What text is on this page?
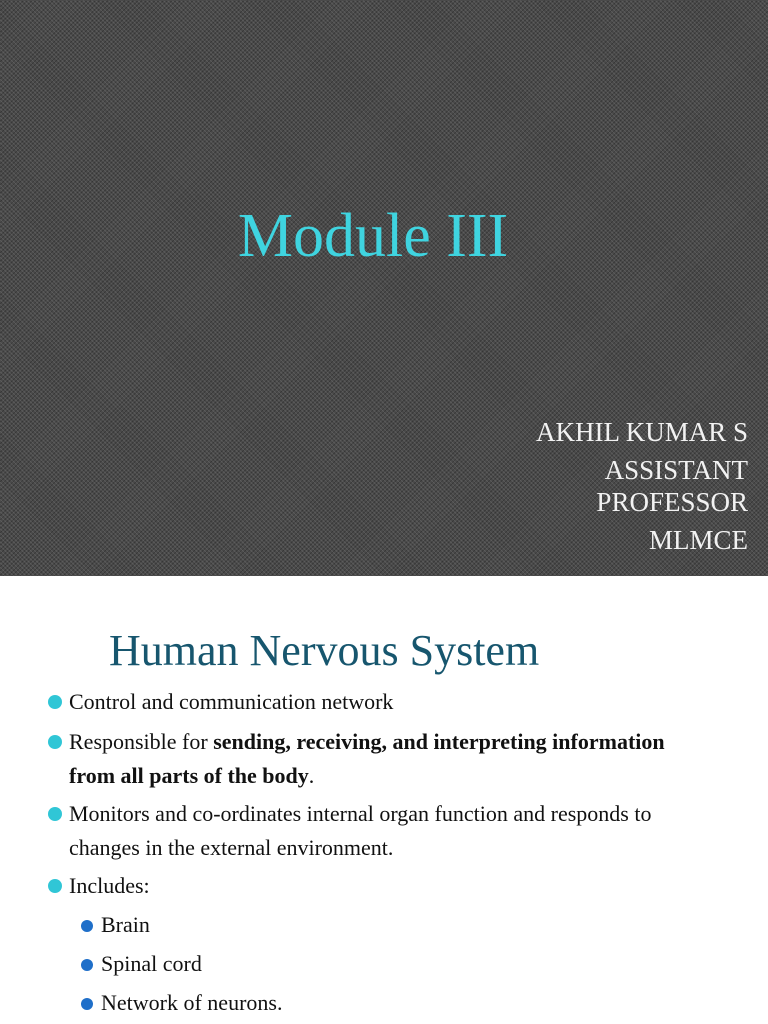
Module III
AKHIL KUMAR S
ASSISTANT
PROFESSOR
MLMCE
Human Nervous System
Control and communication network
Responsible for sending, receiving, and interpreting information from all parts of the body.
Monitors and co-ordinates internal organ function and responds to changes in the external environment.
Includes:
Brain
Spinal cord
Network of neurons.
